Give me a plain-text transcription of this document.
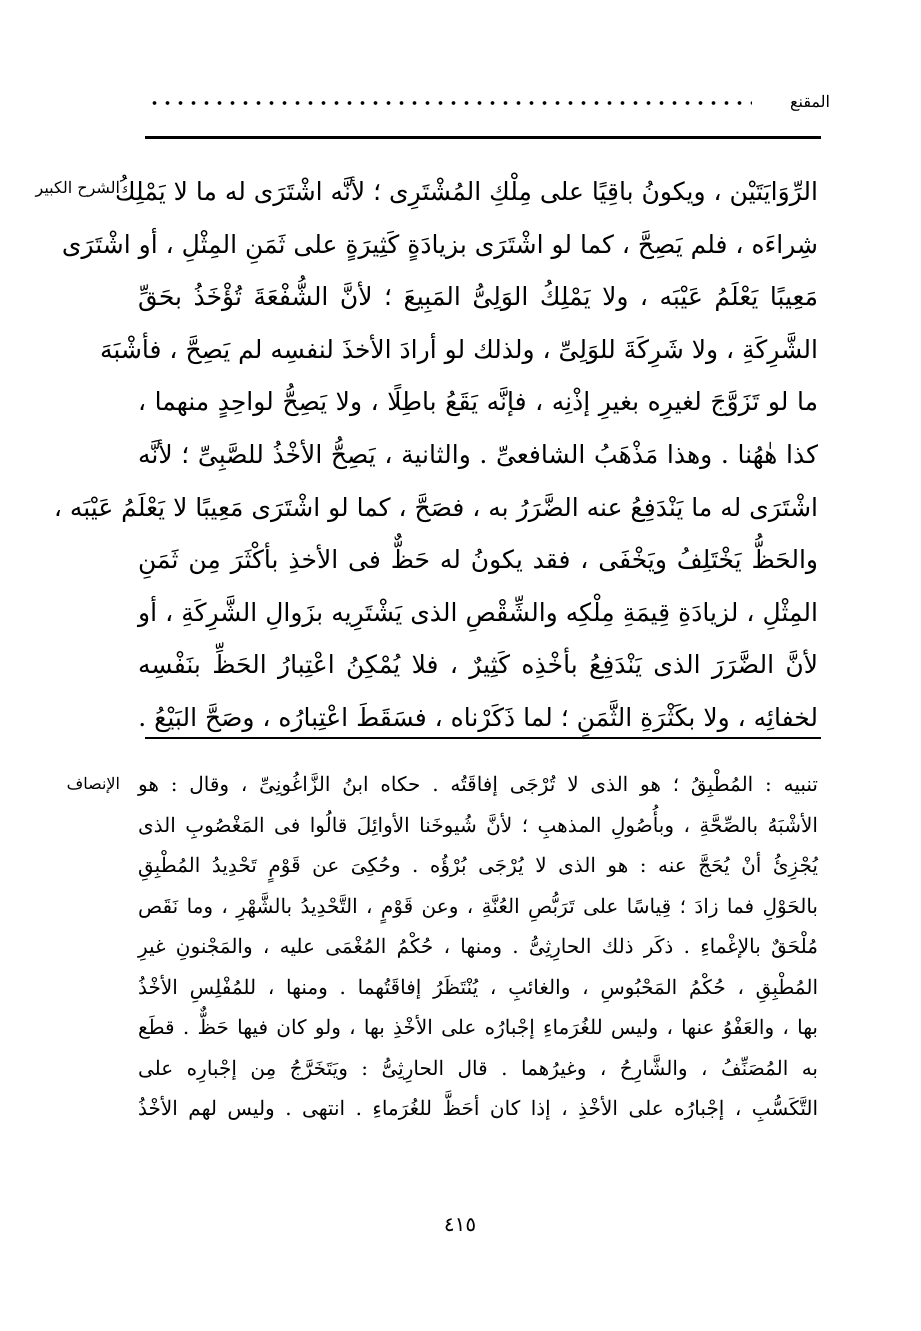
المقنع
الشرح الكبير
الرِّوَايَتَيْن ، ويكونُ باقِيًا على مِلْكِ المُشْتَرِى ؛ لأنَّه اشْتَرَى له ما لا يَمْلِكُ
شِراءَه ، فلم يَصِحَّ ، كما لو اشْتَرَى بزيادَةٍ كَثِيرَةٍ على ثَمَنِ المِثْلِ ، أو اشْتَرَى
مَعِيبًا يَعْلَمُ عَيْبَه ، ولا يَمْلِكُ الوَلِىُّ المَبِيعَ ؛ لأنَّ الشُّفْعَةَ تُؤْخَذُ بحَقِّ
الشَّرِكَةِ ، ولا شَرِكَةَ للوَلِىِّ ، ولذلك لو أرادَ الأخذَ لنفسِه لم يَصِحَّ ، فأشْبَهَ
ما لو تَزَوَّجَ لغيرِه بغيرِ إذْنِه ، فإنَّه يَقَعُ باطِلًا ، ولا يَصِحُّ لواحِدٍ منهما ،
كذا هٰهُنا . وهذا مَذْهَبُ الشافعىِّ . والثانية ، يَصِحُّ الأخْذُ للصَّبِىِّ ؛ لأنَّه
اشْتَرَى له ما يَنْدَفِعُ عنه الضَّرَرُ به ، فصَحَّ ، كما لو اشْتَرَى مَعِيبًا لا يَعْلَمُ عَيْبَه ،
والحَظُّ يَخْتَلِفُ ويَخْفَى ، فقد يكونُ له حَظٌّ فى الأخذِ بأكْثَرَ مِن ثَمَنِ
المِثْلِ ، لزيادَةِ قِيمَةِ مِلْكِه والشِّقْصِ الذى يَشْتَرِيه بزَوالِ الشَّرِكَةِ ، أو
لأنَّ الضَّرَرَ الذى يَنْدَفِعُ بأخْذِه كَثِيرٌ ، فلا يُمْكِنُ اعْتِبارُ الحَظِّ بنَفْسِه
لخفائِه ، ولا بكَثْرَةِ الثَّمَنِ ؛ لما ذَكَرْناه ، فسَقَطَ اعْتِبارُه ، وصَحَّ البَيْعُ .
الإنصاف تنبيه : المُطْبِقُ ؛ هو الذى لا تُرْجَى إفاقَتُه . حكاه ابنُ الزَّاغُونِىِّ ، وقال : هو
الأشْبَهُ بالصِّحَّةِ ، وبأُصُولِ المذهبِ ؛ لأنَّ شُيوخَنا الأوائِلَ قالُوا فى المَغْصُوبِ الذى
يُجْزِئُ أنْ يُحَجَّ عنه : هو الذى لا يُرْجَى بُرْؤُه . وحُكِىَ عن قَوْمٍ تَحْدِيدُ المُطْبِقِ
بالحَوْلِ فما زادَ ؛ قِياسًا على تَرَبُّصِ العُنَّةِ ، وعن قَوْمٍ ، التَّحْدِيدُ بالشَّهْرِ ، وما نَقَص
مُلْحَقٌ بالإغْماءِ . ذكَر ذلك الحارِثِىُّ . ومنها ، حُكْمُ المُغْمَى عليه ، والمَجْنونِ غيرِ
المُطْبِقِ ، حُكْمُ المَحْبُوسِ ، والغائبِ ، يُنْتَظَرُ إفاقَتُهما . ومنها ، للمُفْلِسِ الأخْذُ
بها ، والعَفْوُ عنها ، وليس للغُرَماءِ إجْبارُه على الأخْذِ بها ، ولو كان فيها حَظٌّ . قطَع
به المُصَنِّفُ ، والشَّارِحُ ، وغيرُهما . قال الحارِثِىُّ : ويَتَخَرَّجُ مِن إجْبارِه على
التَّكَسُّبِ ، إجْبارُه على الأخْذِ ، إذا كان أحَظَّ للغُرَماءِ . انتهى . وليس لهم الأخْذُ
٤١٥
